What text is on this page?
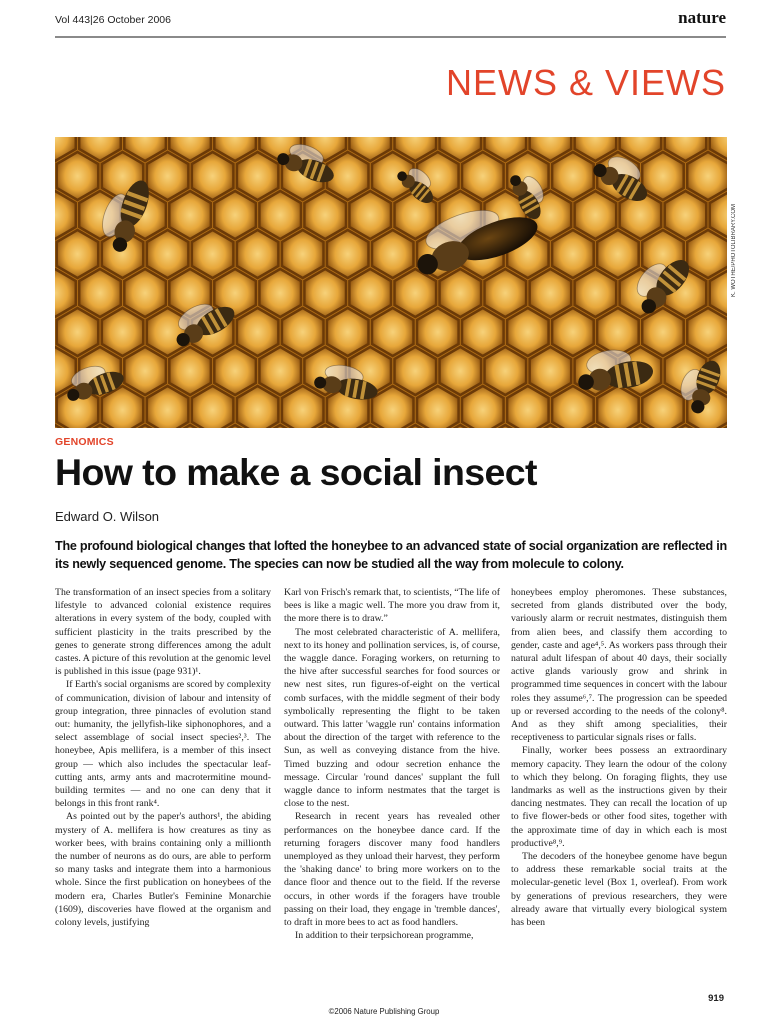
Vol 443|26 October 2006	nature
NEWS & VIEWS
K. WOTHE/PHOTOLIBRARY.COM
GENOMICS
How to make a social insect
Edward O. Wilson

The profound biological changes that lofted the honeybee to an advanced state of social organization are reflected in its newly sequenced genome. The species can now be studied all the way from molecule to colony.

The transformation of an insect species from a solitary lifestyle to advanced colonial existence requires alterations in every system of the body, coupled with sufficient plasticity in the traits prescribed by the genes to generate strong differences among the adult castes. A picture of this revolution at the genomic level is published in this issue (page 931)¹.

If Earth's social organisms are scored by complexity of communication, division of labour and intensity of group integration, three pinnacles of evolution stand out: humanity, the jellyfish-like siphonophores, and a select assemblage of social insect species²,³. The honeybee, Apis mellifera, is a member of this insect group — which also includes the spectacular leaf-cutting ants, army ants and macrotermitine mound-building termites — and no one can deny that it belongs in this front rank⁴.

As pointed out by the paper's authors¹, the abiding mystery of A. mellifera is how creatures as tiny as worker bees, with brains containing only a millionth the number of neurons as do ours, are able to perform so many tasks and integrate them into a harmonious whole. Since the first publication on honeybees of the modern era, Charles Butler's Feminine Monarchie (1609), discoveries have flowed at the organism and colony levels, justifying

Karl von Frisch's remark that, to scientists, “The life of bees is like a magic well. The more you draw from it, the more there is to draw.”

The most celebrated characteristic of A. mellifera, next to its honey and pollination services, is, of course, the waggle dance. Foraging workers, on returning to the hive after successful searches for food sources or new nest sites, run figures-of-eight on the vertical comb surfaces, with the middle segment of their body symbolically representing the flight to be taken outward. This latter 'waggle run' contains information about the direction of the target with reference to the Sun, as well as conveying distance from the hive. Timed buzzing and odour secretion enhance the message. Circular 'round dances' supplant the full waggle dance to inform nestmates that the target is close to the nest.

Research in recent years has revealed other performances on the honeybee dance card. If the returning foragers discover many food handlers unemployed as they unload their harvest, they perform the 'shaking dance' to bring more workers on to the dance floor and thence out to the field. If the reverse occurs, in other words if the foragers have trouble passing on their load, they engage in 'tremble dances', to draft in more bees to act as food handlers.

In addition to their terpsichorean programme,

honeybees employ pheromones. These substances, secreted from glands distributed over the body, variously alarm or recruit nestmates, distinguish them from alien bees, and classify them according to gender, caste and age⁴,⁵. As workers pass through their natural adult lifespan of about 40 days, their socially active glands variously grow and shrink in programmed time sequences in concert with the labour roles they assume⁶,⁷. The progression can be speeded up or reversed according to the needs of the colony⁸. And as they shift among specialities, their receptiveness to particular signals rises or falls.

Finally, worker bees possess an extraordinary memory capacity. They learn the odour of the colony to which they belong. On foraging flights, they use landmarks as well as the instructions given by their dancing nestmates. They can recall the location of up to five flower-beds or other food sites, together with the approximate time of day in which each is most productive⁸,⁹.

The decoders of the honeybee genome have begun to address these remarkable social traits at the molecular-genetic level (Box 1, overleaf). From work by generations of previous researchers, they were already aware that virtually every biological system has been

919
©2006 Nature Publishing Group
